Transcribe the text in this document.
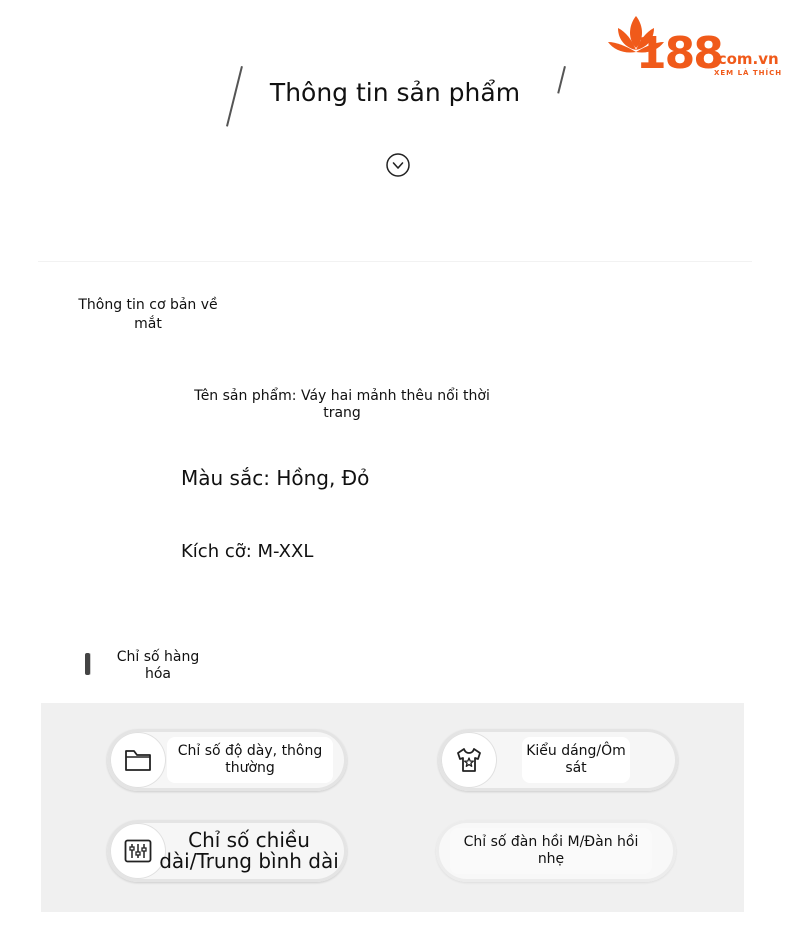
188
.com.vn
XEM LÀ THÍCH
Thông tin sản phẩm
Thông tin cơ bản về mắt
Tên sản phẩm: Váy hai mảnh thêu nổi thời trang
Màu sắc: Hồng, Đỏ
Kích cỡ: M-XXL
Chỉ số hàng hóa
Chỉ số độ dày, thông thường
Kiểu dáng/Ôm sát
Chỉ số chiều dài/Trung bình dài
Chỉ số đàn hồi M/Đàn hồi nhẹ
